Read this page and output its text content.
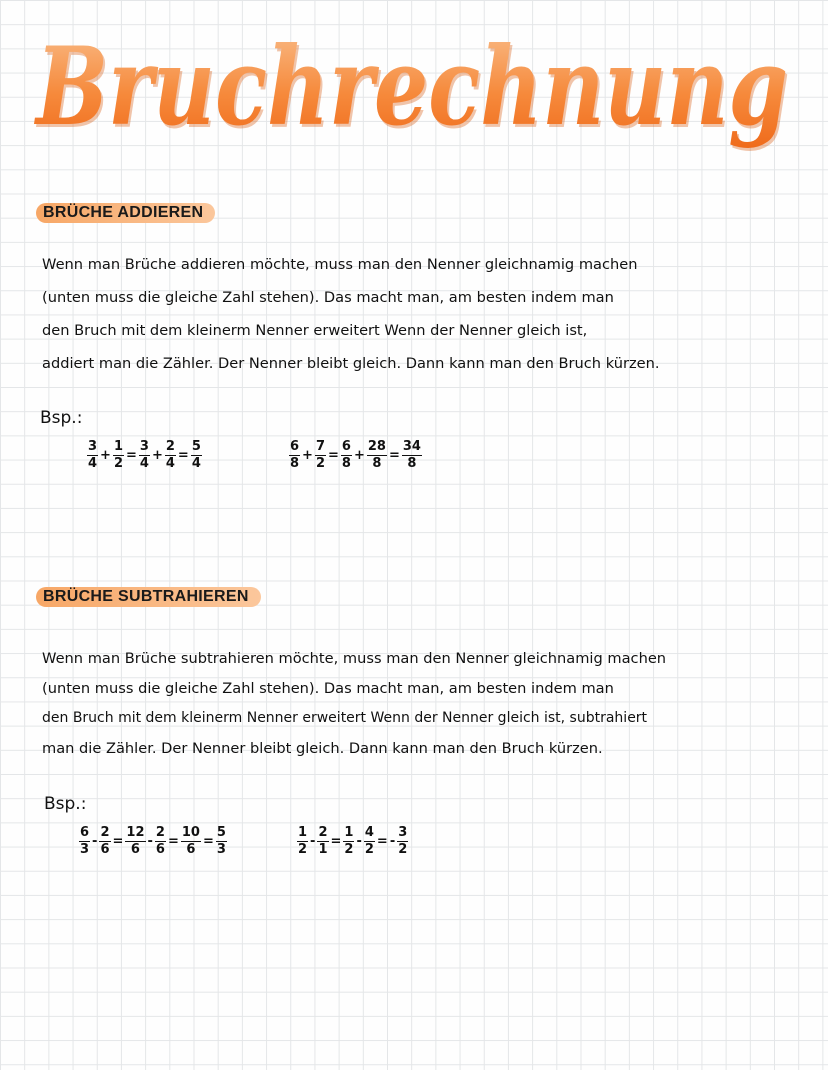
Bruchrechnung
Bruchrechnung
BRÜCHE ADDIEREN
Wenn man Brüche addieren möchte, muss man den Nenner gleichnamig machen
(unten muss die gleiche Zahl stehen). Das macht man, am besten indem man
den Bruch mit dem kleinerm Nenner erweitert Wenn der Nenner gleich ist,
addiert man die Zähler. Der Nenner bleibt gleich. Dann kann man den Bruch kürzen.
Bsp.:
$\frac{3}{4} + \frac{1}{2} = \frac{3}{4} + \frac{2}{4} = \frac{5}{4}$	$\frac{6}{8} + \frac{7}{2} = \frac{6}{8} + \frac{28}{8} = \frac{34}{8}$
BRÜCHE SUBTRAHIEREN
Wenn man Brüche subtrahieren möchte, muss man den Nenner gleichnamig machen
(unten muss die gleiche Zahl stehen). Das macht man, am besten indem man
den Bruch mit dem kleinerm Nenner erweitert Wenn der Nenner gleich ist, subtrahiert
man die Zähler. Der Nenner bleibt gleich. Dann kann man den Bruch kürzen.
Bsp.:
$\frac{6}{3} - \frac{2}{6} = \frac{12}{6} - \frac{2}{6} = \frac{10}{6} = \frac{5}{3}$	$\frac{1}{2} - \frac{2}{1} = \frac{1}{2} - \frac{4}{2}$ = - $\frac{3}{2}$
